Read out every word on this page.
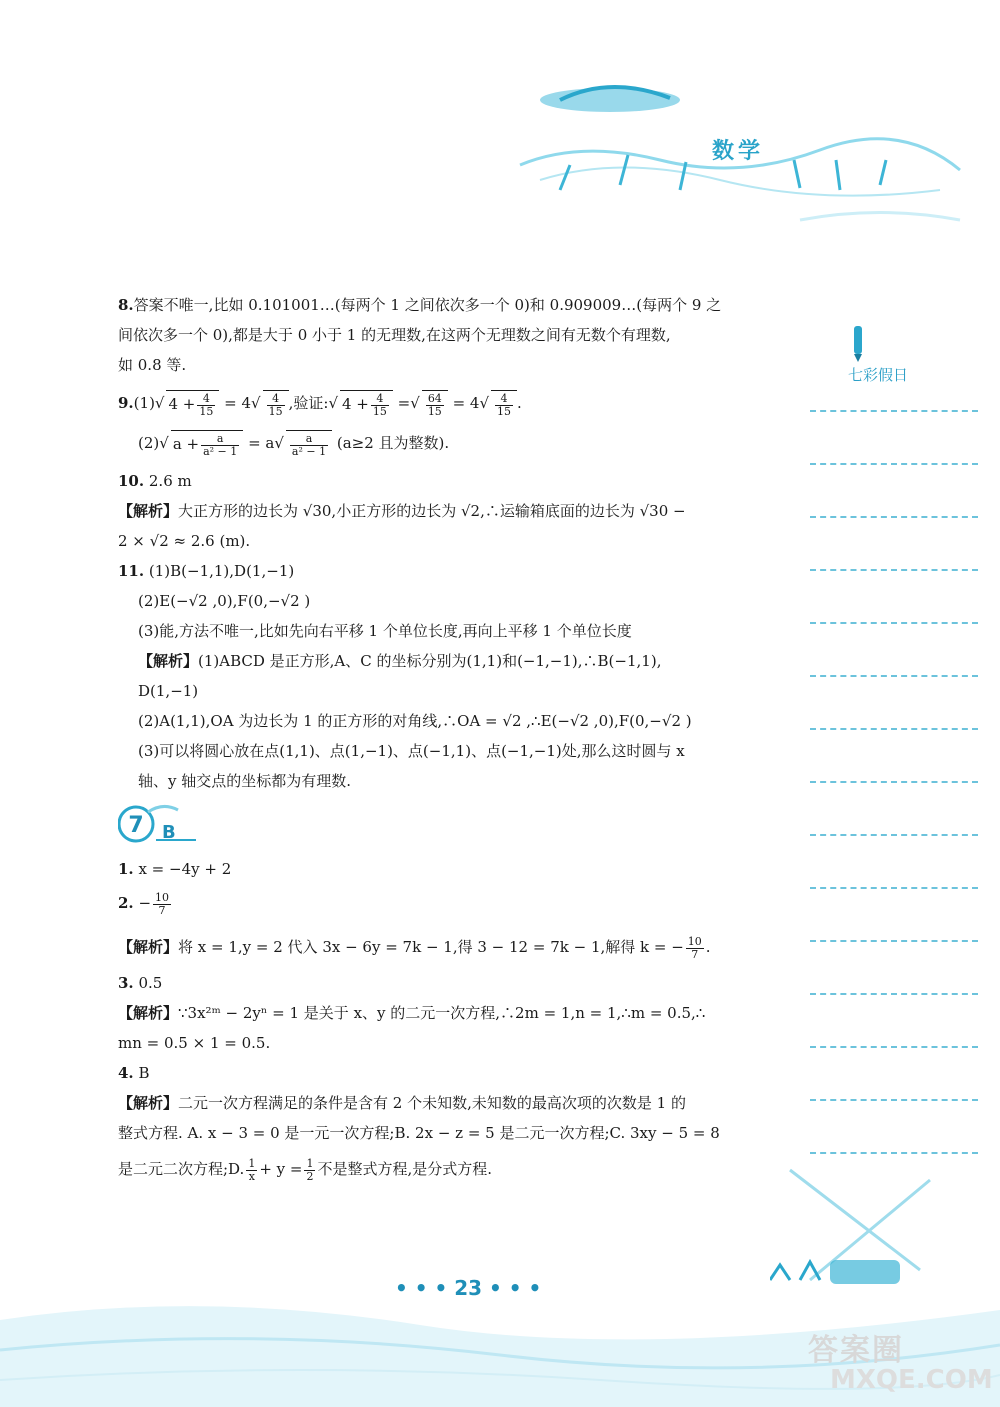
数学
七彩假日

8.答案不唯一,比如 0.101001…(每两个 1 之间依次多一个 0)和 0.909009…(每两个 9 之

间依次多一个 0),都是大于 0 小于 1 的无理数,在这两个无理数之间有无数个有理数,

如 0.8 等.

9.(1)√ $4 + \frac{4}{15} = 4√ \frac{4}{15}$ ,验证:√ $4 + \frac{4}{15}$ =√ $\frac{64}{15} = 4√ \frac{4}{15}$ .

(2)√ $a + \frac{a}{\text{a² − 1}} = a√ \frac{a}{\text{a² − 1}} (a\ge 2$ 且为整数).

10. 2.6 m

【解析】大正方形的边长为 √30,小正方形的边长为 √2,∴运输箱底面的边长为 √30 −

2 × √2 ≈ 2.6 (m).

11. (1)B(−1,1),D(1,−1)

(2)E(−√2 ,0),F(0,−√2 )

(3)能,方法不唯一,比如先向右平移 1 个单位长度,再向上平移 1 个单位长度

【解析】(1)ABCD 是正方形,A、C 的坐标分别为(1,1)和(−1,−1),∴B(−1,1),

D(1,−1)

(2)A(1,1),OA 为边长为 1 的正方形的对角线,∴OA = √2 ,∴E(−√2 ,0),F(0,−√2 )

(3)可以将圆心放在点(1,1)、点(1,−1)、点(−1,1)、点(−1,−1)处,那么这时圆与 x

轴、y 轴交点的坐标都为有理数.

7 B

1. x = −4y + 2

2. − $\frac{10}{7}$

【解析】将 x = 1,y = 2 代入 3x − 6y = 7k − 1,得 3 − 12 = 7k − 1,解得 k = − $\frac{10}{7}$ .

3. 0.5

【解析】∵3x²ᵐ − 2yⁿ = 1 是关于 x、y 的二元一次方程,∴2m = 1,n = 1,∴m = 0.5,∴

mn = 0.5 × 1 = 0.5.

4. B

【解析】二元一次方程满足的条件是含有 2 个未知数,未知数的最高次项的次数是 1 的

整式方程. A. x − 3 = 0 是一元一次方程;B. 2x − z = 5 是二元一次方程;C. 3xy − 5 = 8

是二元二次方程;D. $\frac{1}{x} + y = \frac{1}{2}$ 不是整式方程,是分式方程.

• • • 23 • • •
答案圈
MXQE.COM
